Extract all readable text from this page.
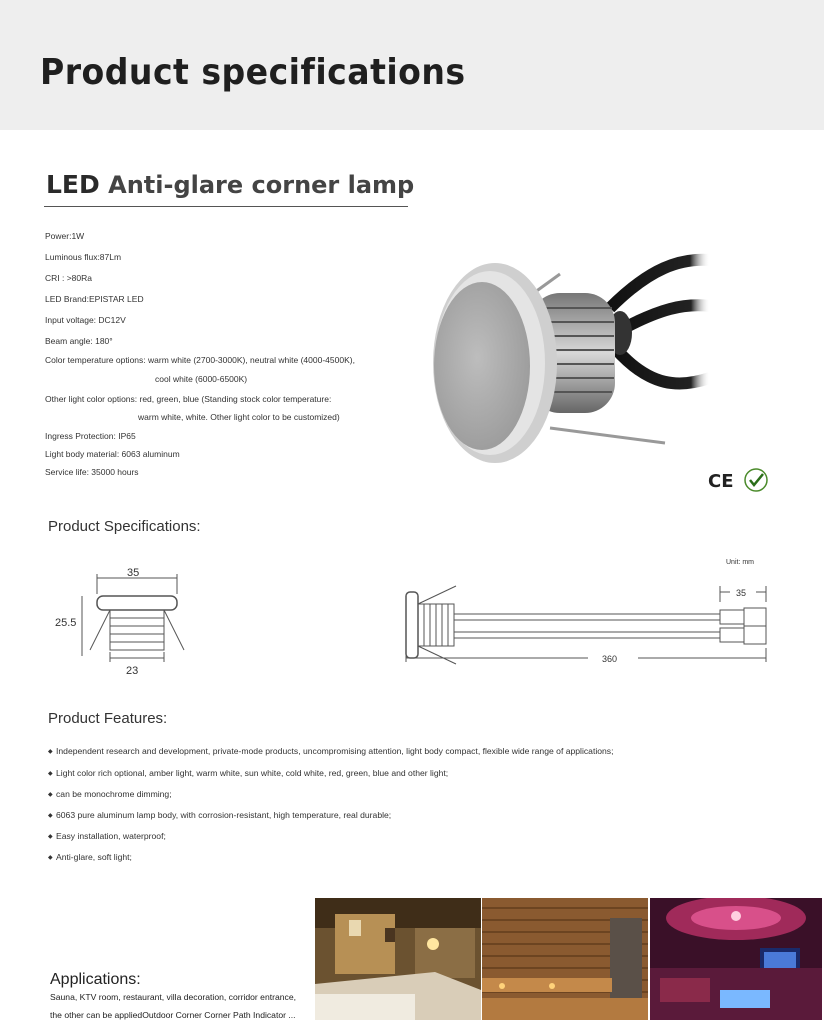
Product specifications
LED Anti-glare corner lamp
Power:1W
Luminous flux:87Lm
CRI : >80Ra
LED Brand:EPISTAR LED
Input voltage: DC12V
Beam angle: 180°
Color temperature options: warm white (2700-3000K), neutral white (4000-4500K),
cool white (6000-6500K)
Other light color options: red, green, blue (Standing stock color temperature:
warm white, white. Other light color to be customized)
Ingress Protection: IP65
Light body material: 6063 aluminum
Service life: 35000 hours	CE
Product Specifications:
35
25.5
23
Unit: mm
35
360
Product Features:
◆ Independent research and development, private-mode products, uncompromising attention, light body compact, flexible wide range of applications;
◆ Light color rich optional, amber light, warm white, sun white, cold white, red, green, blue and other light;
◆ can be monochrome dimming;
◆ 6063 pure aluminum lamp body, with corrosion-resistant, high temperature, real durable;
◆ Easy installation, waterproof;
◆ Anti-glare, soft light;
Applications:
Sauna, KTV room, restaurant, villa decoration, corridor entrance,
the other can be appliedOutdoor Corner Corner Path Indicator ...
